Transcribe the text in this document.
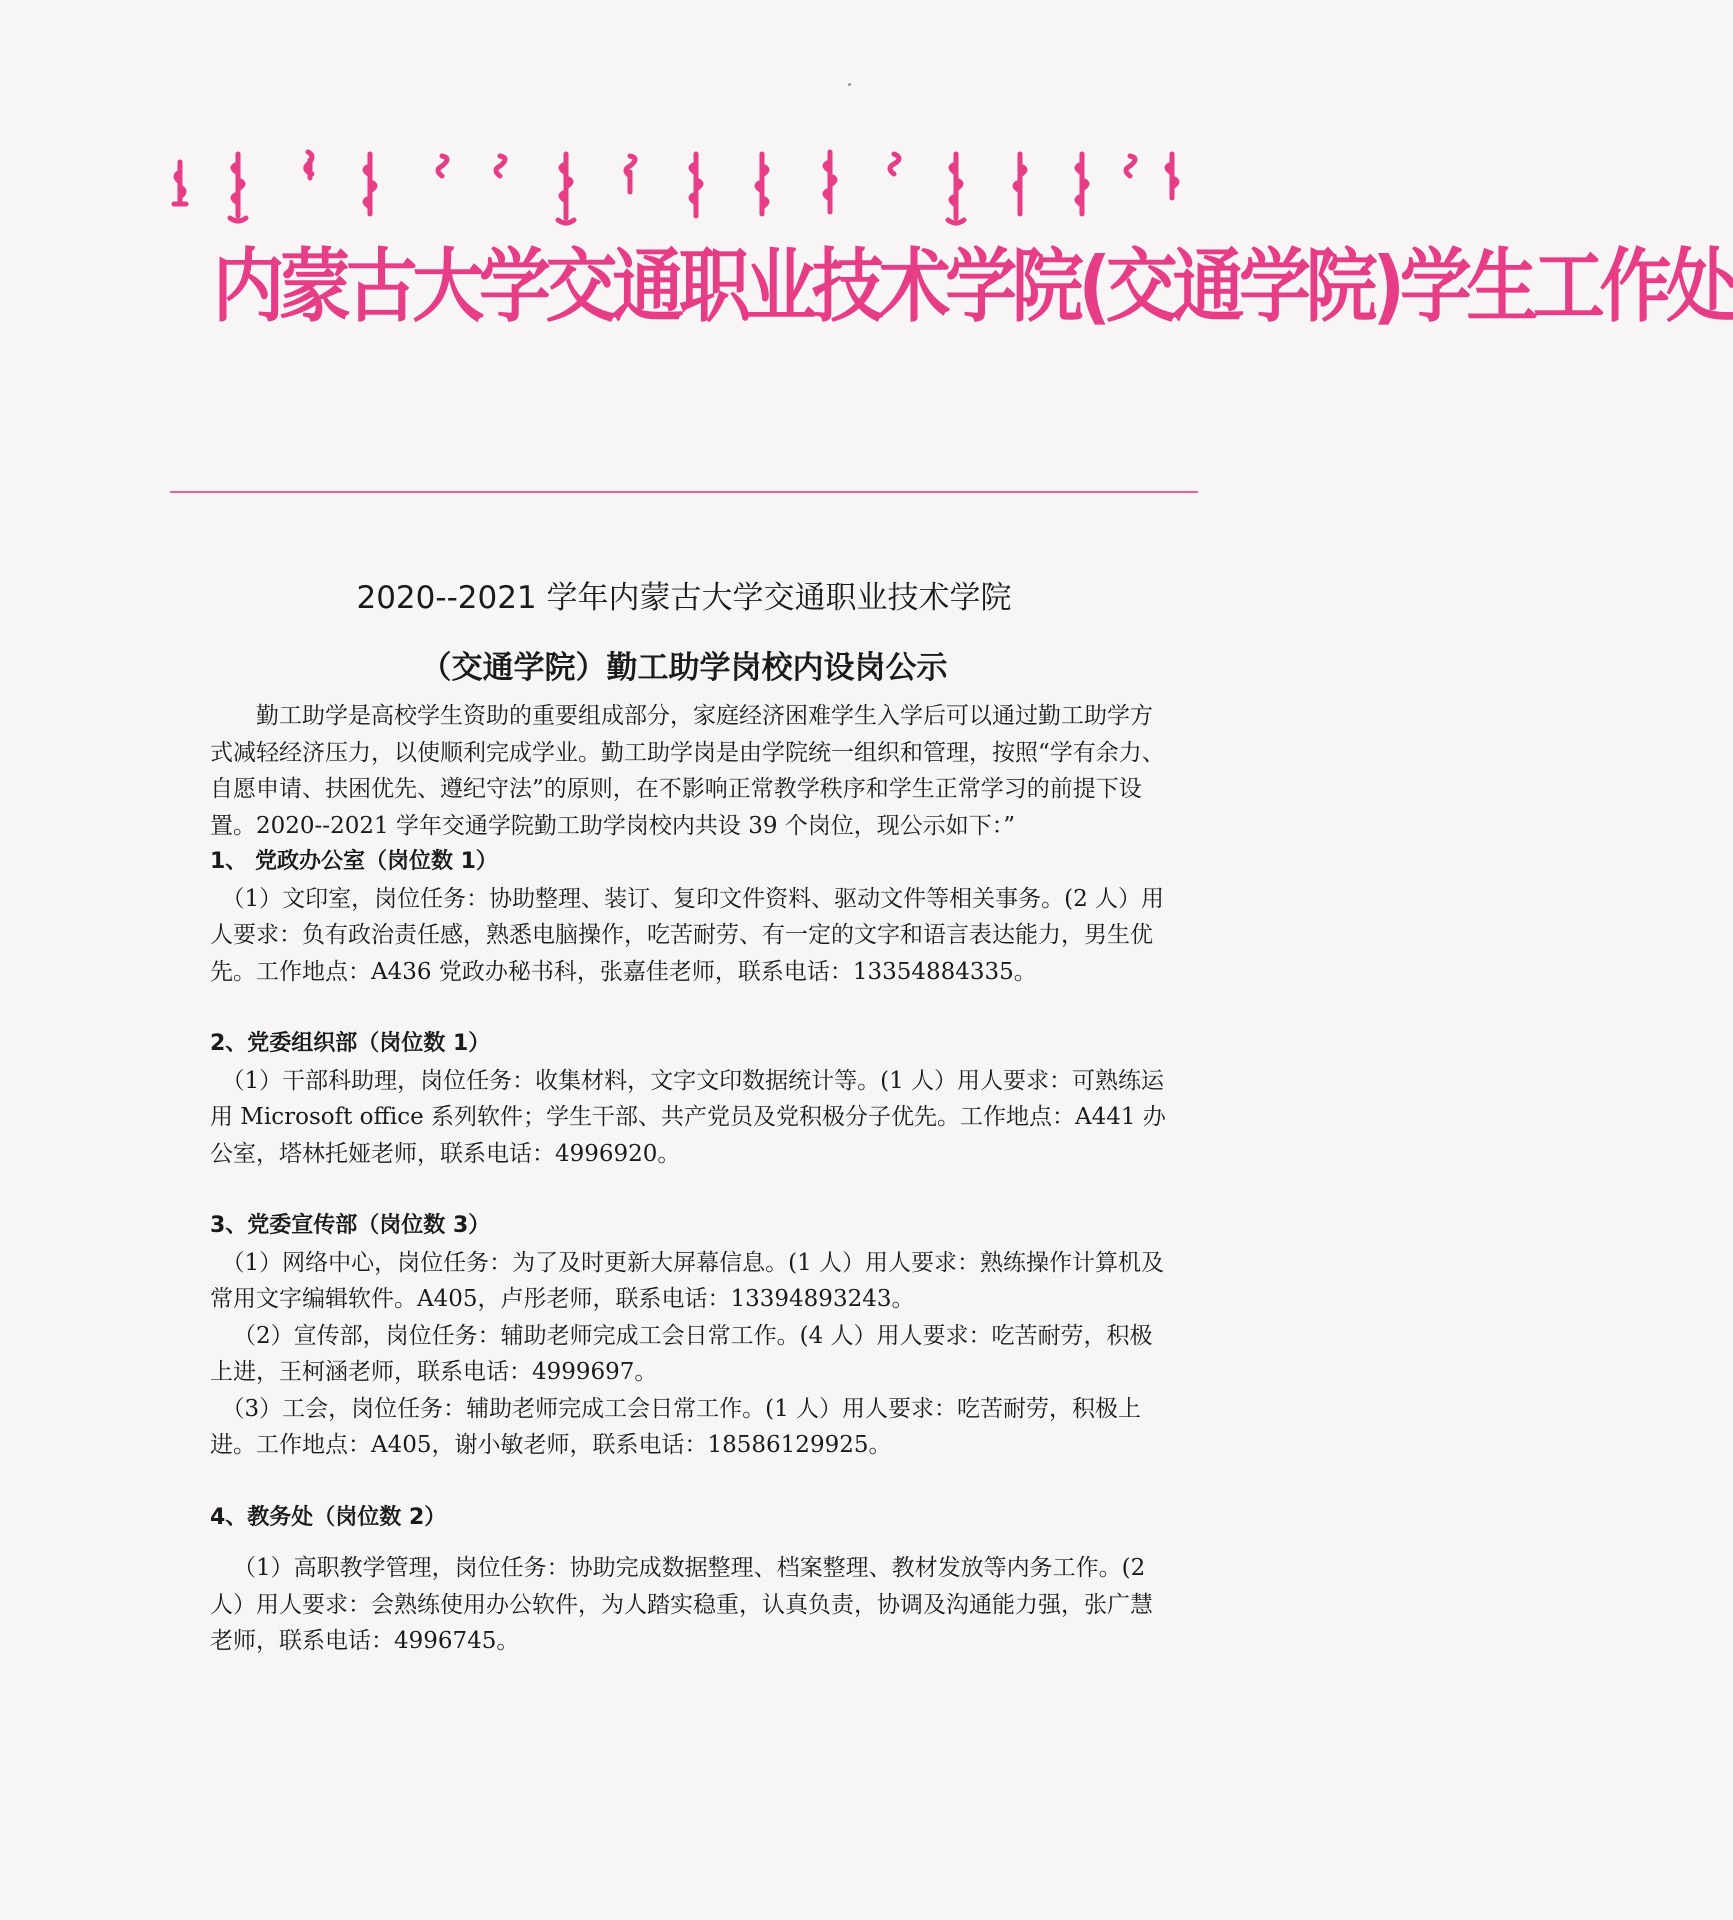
内蒙古大学交通职业技术学院(交通学院)学生工作处
2020--2021 学年内蒙古大学交通职业技术学院
（交通学院）勤工助学岗校内设岗公示

勤工助学是高校学生资助的重要组成部分，家庭经济困难学生入学后可以通过勤工助学方式减轻经济压力，以使顺利完成学业。勤工助学岗是由学院统一组织和管理，按照“学有余力、自愿申请、扶困优先、遵纪守法”的原则，在不影响正常教学秩序和学生正常学习的前提下设置。2020--2021 学年交通学院勤工助学岗校内共设 39 个岗位，现公示如下：”

1、 党政办公室（岗位数 1）

（1）文印室，岗位任务：协助整理、装订、复印文件资料、驱动文件等相关事务。(2 人）用人要求：负有政治责任感，熟悉电脑操作，吃苦耐劳、有一定的文字和语言表达能力，男生优先。工作地点：A436 党政办秘书科，张嘉佳老师，联系电话：13354884335。

2、党委组织部（岗位数 1）

（1）干部科助理，岗位任务：收集材料，文字文印数据统计等。(1 人）用人要求：可熟练运用 Microsoft office 系列软件；学生干部、共产党员及党积极分子优先。工作地点：A441 办公室，塔林托娅老师，联系电话：4996920。

3、党委宣传部（岗位数 3）

（1）网络中心，岗位任务：为了及时更新大屏幕信息。(1 人）用人要求：熟练操作计算机及常用文字编辑软件。A405，卢彤老师，联系电话：13394893243。

（2）宣传部，岗位任务：辅助老师完成工会日常工作。(4 人）用人要求：吃苦耐劳，积极上进，王柯涵老师，联系电话：4999697。

（3）工会，岗位任务：辅助老师完成工会日常工作。(1 人）用人要求：吃苦耐劳，积极上进。工作地点：A405，谢小敏老师，联系电话：18586129925。

4、教务处（岗位数 2）

（1）高职教学管理，岗位任务：协助完成数据整理、档案整理、教材发放等内务工作。(2 人）用人要求：会熟练使用办公软件，为人踏实稳重，认真负责，协调及沟通能力强，张广慧老师，联系电话：4996745。
